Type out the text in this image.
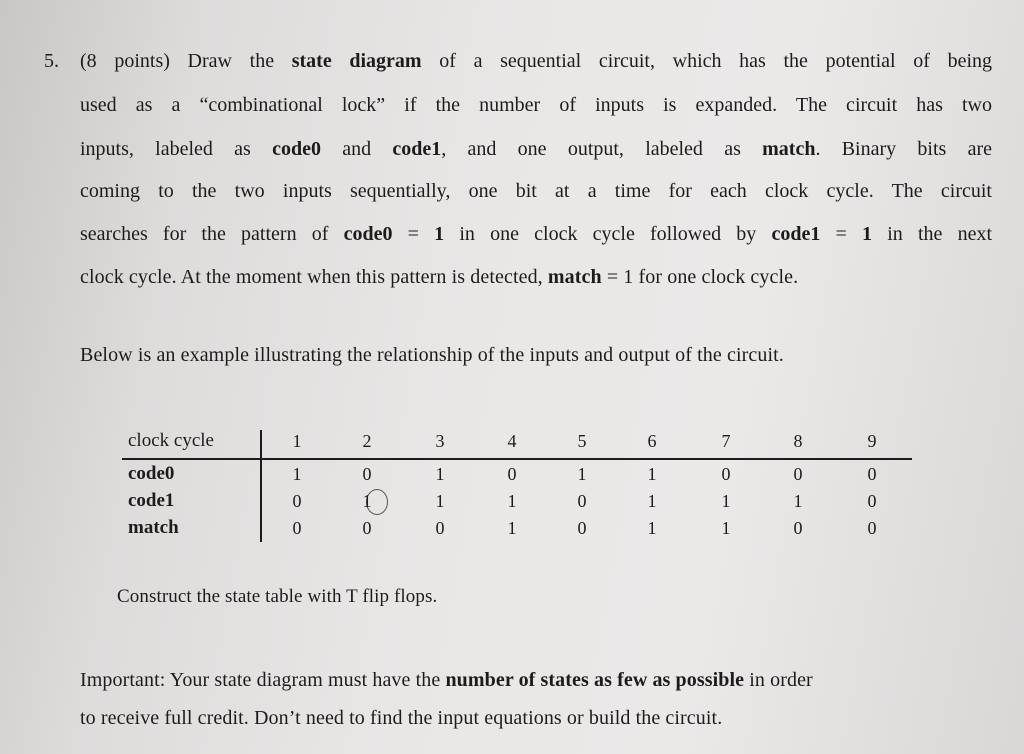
5. (8 points) Draw the state diagram of a sequential circuit, which has the potential of being
used as a “combinational lock” if the number of inputs is expanded. The circuit has two
inputs, labeled as code0 and code1, and one output, labeled as match. Binary bits are
coming to the two inputs sequentially, one bit at a time for each clock cycle. The circuit
searches for the pattern of code0 = 1 in one clock cycle followed by code1 = 1 in the next
clock cycle. At the moment when this pattern is detected, match = 1 for one clock cycle.
Below is an example illustrating the relationship of the inputs and output of the circuit.
clock cycle	1	2	3	4	5	6	7	8	9
code0	1	0	1	0	1	1	0	0	0
code1	0	1	1	1	0	1	1	1	0
match	0	0	0	1	0	1	1	0	0
Construct the state table with T flip flops.
Important: Your state diagram must have the number of states as few as possible in order
to receive full credit. Don’t need to find the input equations or build the circuit.
